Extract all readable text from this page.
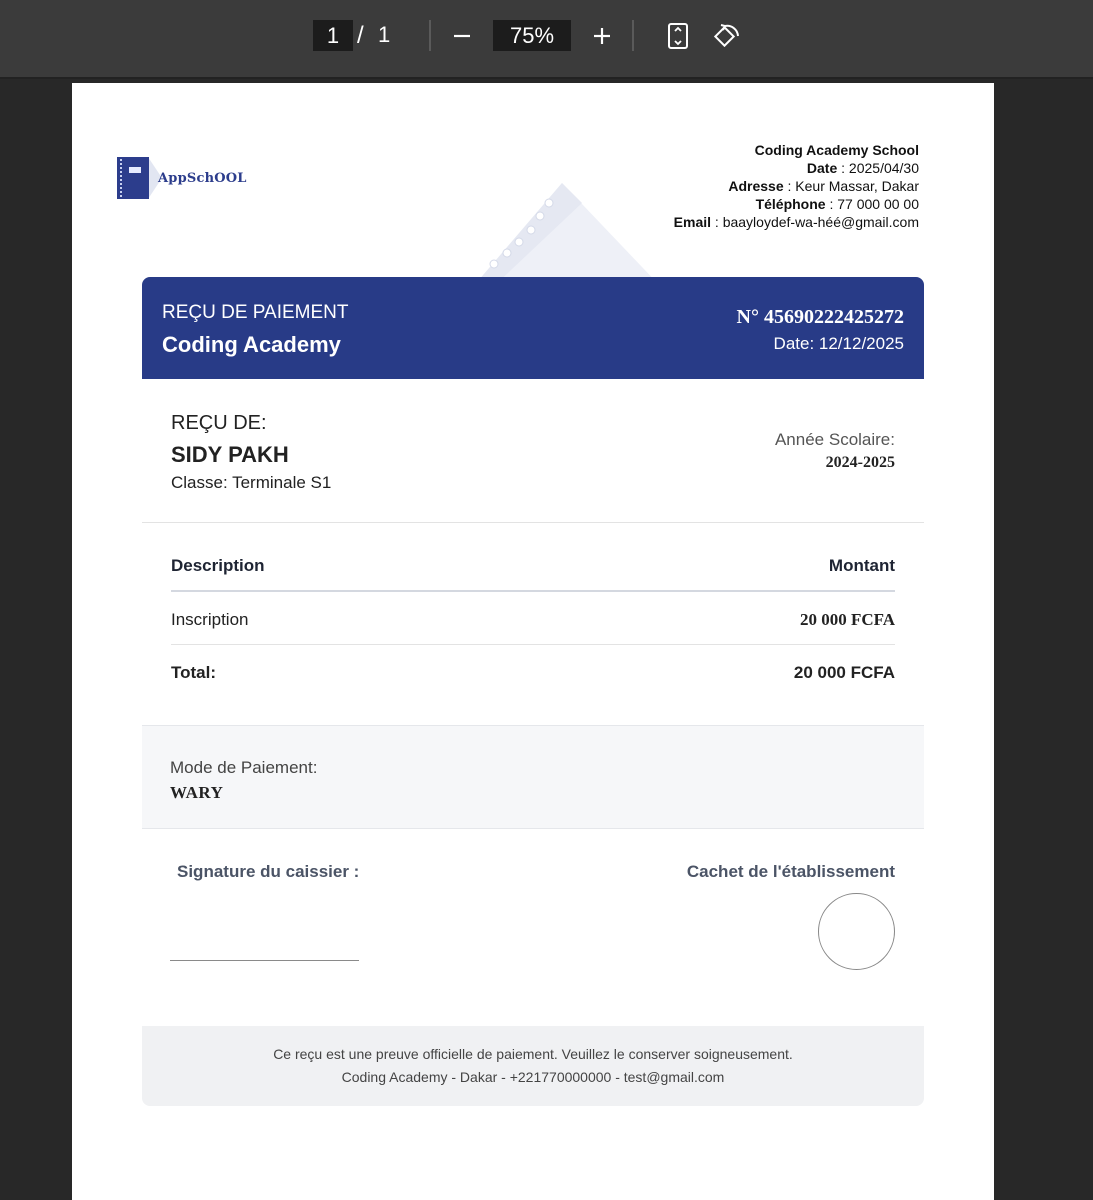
1 / 1	75%
AppSchOOL
Coding Academy School
Date : 2025/04/30
Adresse : Keur Massar, Dakar
Téléphone : 77 000 00 00
Email : baayloydef-wa-héé@gmail.com
REÇU DE PAIEMENT
Coding Academy
N° 45690222425272
Date: 12/12/2025
REÇU DE:
SIDY PAKH
Classe: Terminale S1
Année Scolaire:
2024-2025
Description	Montant
Inscription	20 000 FCFA
Total:	20 000 FCFA
Mode de Paiement:
WARY
Signature du caissier :	Cachet de l'établissement
Ce reçu est une preuve officielle de paiement. Veuillez le conserver soigneusement.
Coding Academy - Dakar - +221770000000 - test@gmail.com
